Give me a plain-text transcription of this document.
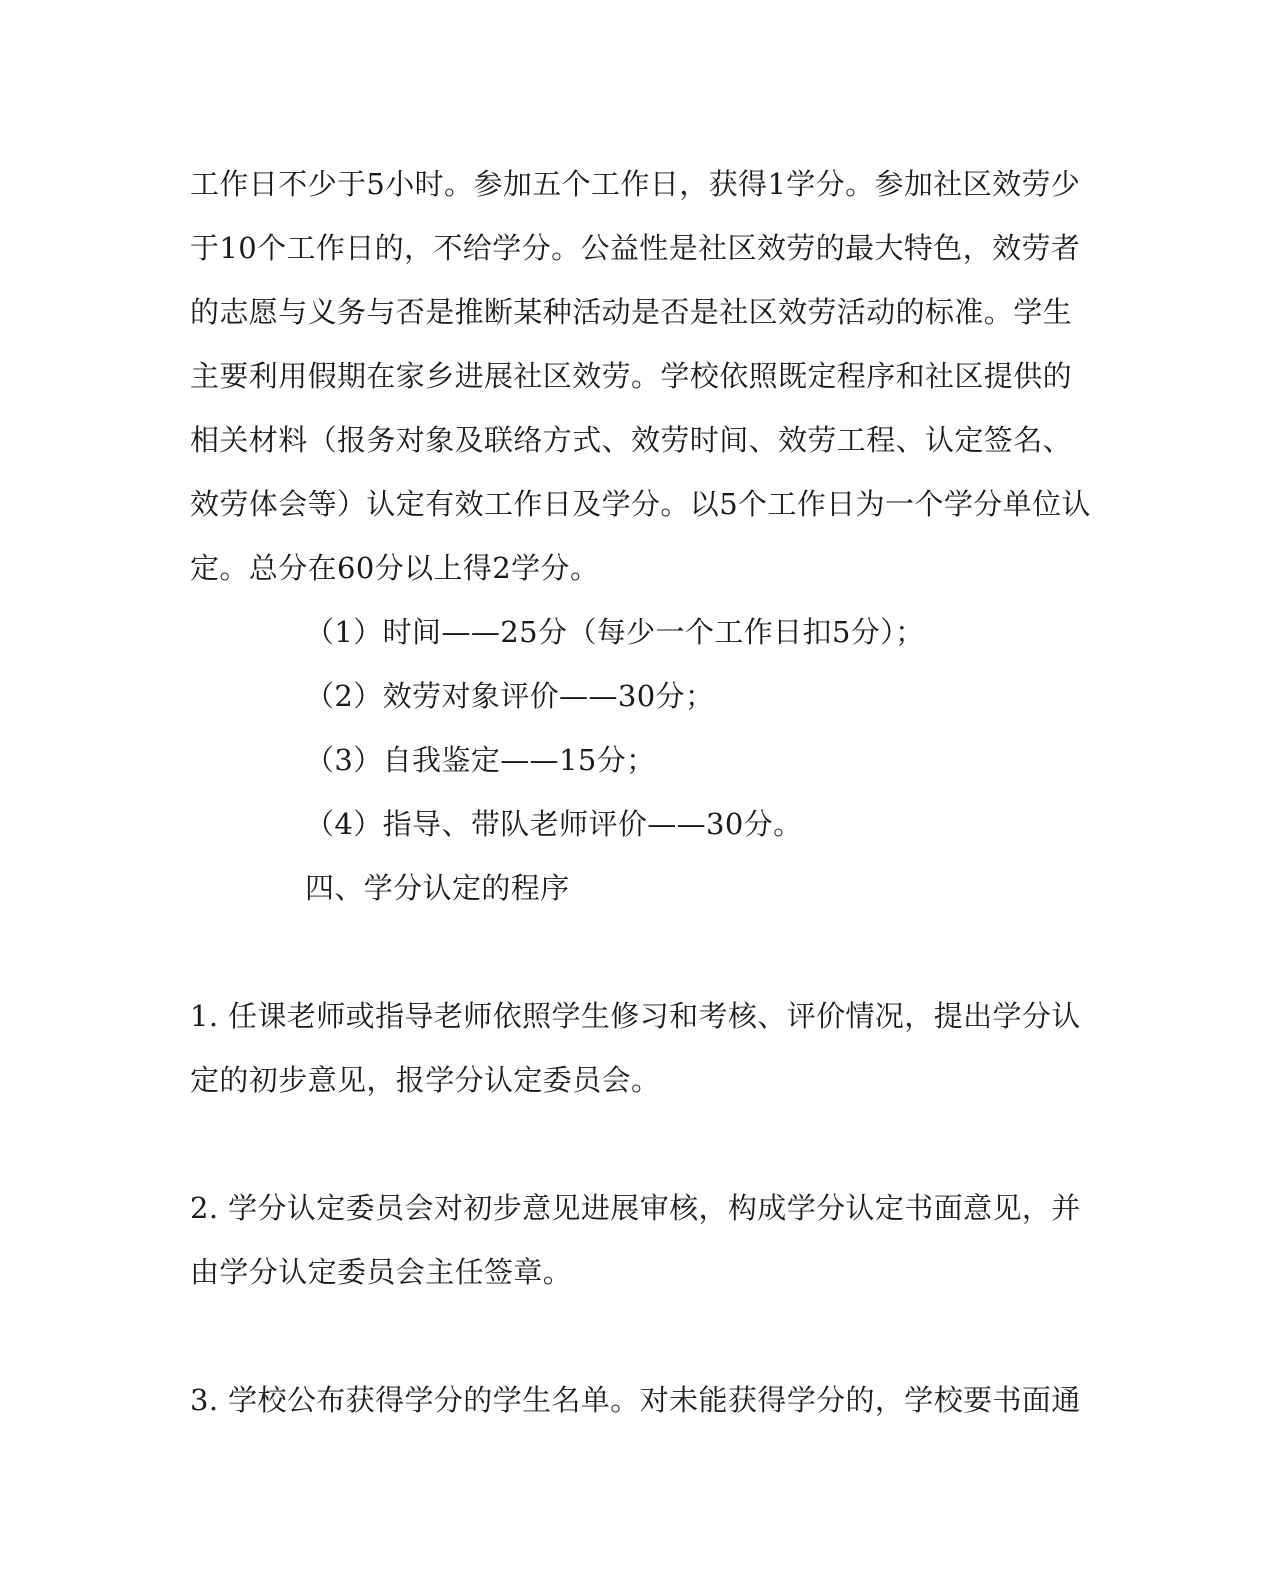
工作日不少于5小时。参加五个工作日，获得1学分。参加社区效劳少
于10个工作日的，不给学分。公益性是社区效劳的最大特色，效劳者
的志愿与义务与否是推断某种活动是否是社区效劳活动的标准。学生
主要利用假期在家乡进展社区效劳。学校依照既定程序和社区提供的
相关材料（报务对象及联络方式、效劳时间、效劳工程、认定签名、
效劳体会等）认定有效工作日及学分。以5个工作日为一个学分单位认
定。总分在60分以上得2学分。
（1）时间——25分（每少一个工作日扣5分）；
（2）效劳对象评价——30分；
（3）自我鉴定——15分；
（4）指导、带队老师评价——30分。
四、学分认定的程序
1. 任课老师或指导老师依照学生修习和考核、评价情况，提出学分认
定的初步意见，报学分认定委员会。
2. 学分认定委员会对初步意见进展审核，构成学分认定书面意见，并
由学分认定委员会主任签章。
3. 学校公布获得学分的学生名单。对未能获得学分的，学校要书面通
